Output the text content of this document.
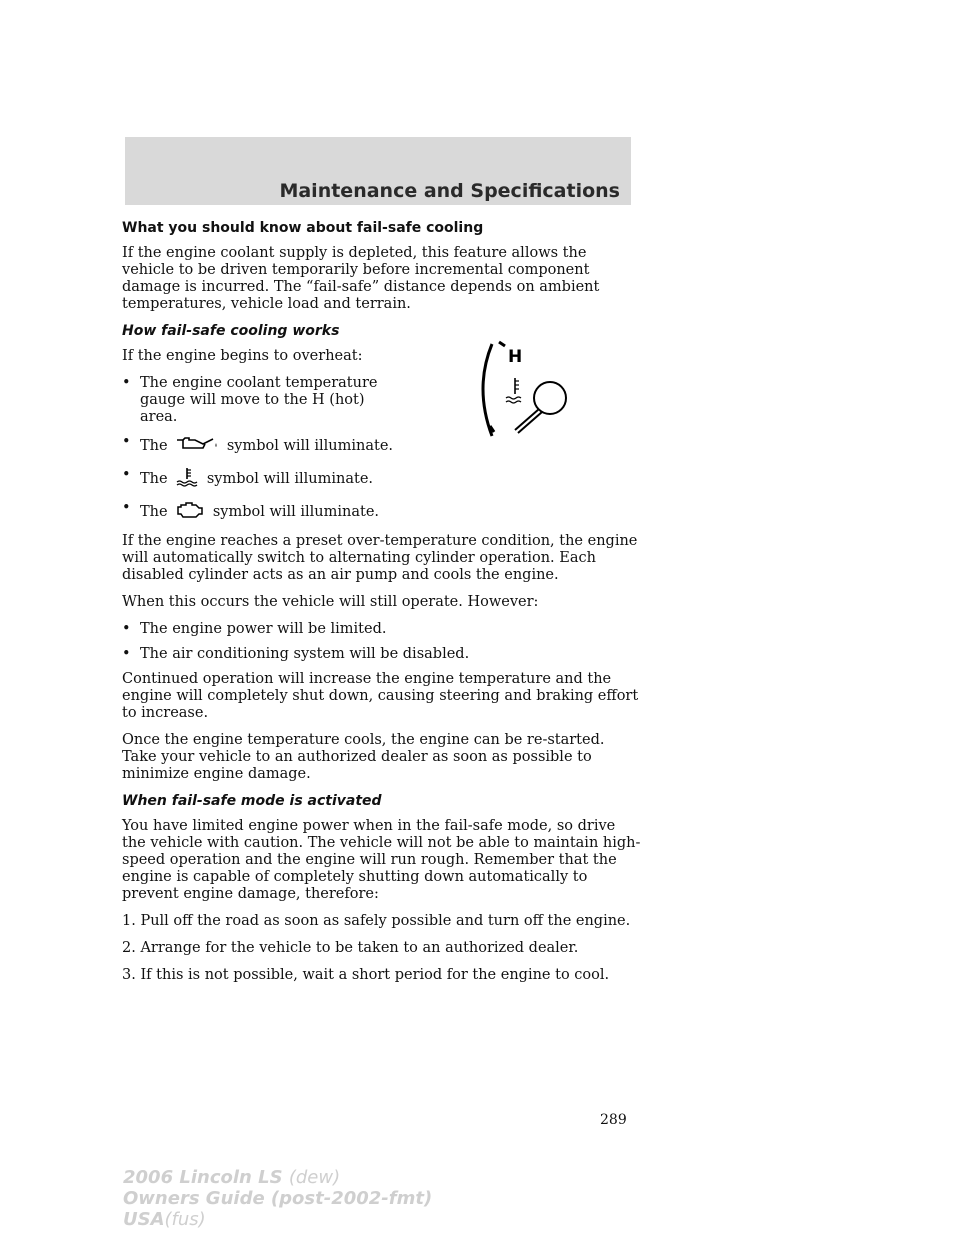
Maintenance and Specifications
What you should know about fail-safe cooling

If the engine coolant supply is depleted, this feature allows the vehicle to be driven temporarily before incremental component damage is incurred. The “fail-safe” distance depends on ambient temperatures, vehicle load and terrain.

How fail-safe cooling works

If the engine begins to overheat:

• The engine coolant temperature gauge will move to the H (hot) area.
• The	symbol will illuminate.
• The	symbol will illuminate.
• The	symbol will illuminate.

If the engine reaches a preset over-temperature condition, the engine will automatically switch to alternating cylinder operation. Each disabled cylinder acts as an air pump and cools the engine.

When this occurs the vehicle will still operate. However:

• The engine power will be limited.
• The air conditioning system will be disabled.

Continued operation will increase the engine temperature and the engine will completely shut down, causing steering and braking effort to increase.

Once the engine temperature cools, the engine can be re-started. Take your vehicle to an authorized dealer as soon as possible to minimize engine damage.

When fail-safe mode is activated

You have limited engine power when in the fail-safe mode, so drive the vehicle with caution. The vehicle will not be able to maintain high-speed operation and the engine will run rough. Remember that the engine is capable of completely shutting down automatically to prevent engine damage, therefore:

1. Pull off the road as soon as safely possible and turn off the engine.

2. Arrange for the vehicle to be taken to an authorized dealer.

3. If this is not possible, wait a short period for the engine to cool.

H
289
2006 Lincoln LS (dew)
Owners Guide (post-2002-fmt)
USA(fus)
